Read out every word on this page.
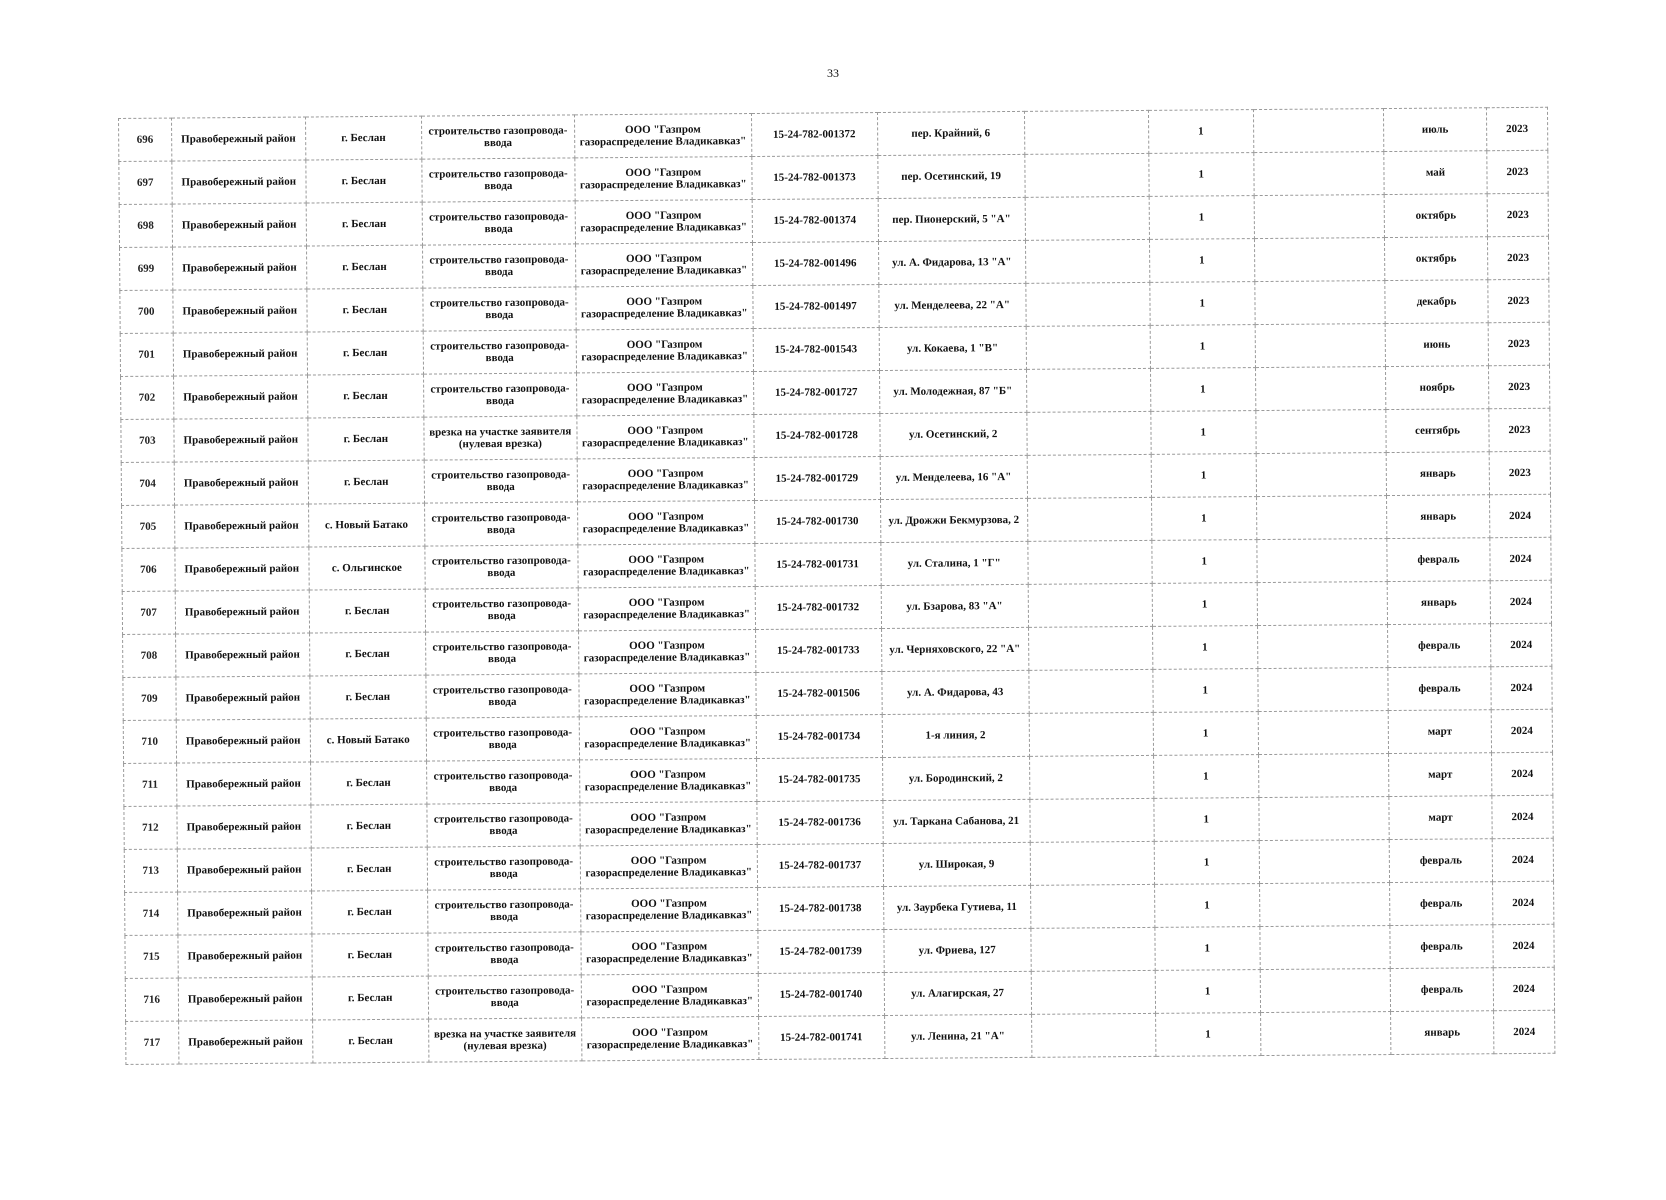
33
696	Правобережный район	г. Беслан	строительство газопровода-ввода	ООО "Газпром газораспределение Владикавказ"	15-24-782-001372	пер. Крайний, 6		1		июль	2023
697	Правобережный район	г. Беслан	строительство газопровода-ввода	ООО "Газпром газораспределение Владикавказ"	15-24-782-001373	пер. Осетинский, 19		1		май	2023
698	Правобережный район	г. Беслан	строительство газопровода-ввода	ООО "Газпром газораспределение Владикавказ"	15-24-782-001374	пер. Пионерский, 5 "А"		1		октябрь	2023
699	Правобережный район	г. Беслан	строительство газопровода-ввода	ООО "Газпром газораспределение Владикавказ"	15-24-782-001496	ул. А. Фидарова, 13 "А"		1		октябрь	2023
700	Правобережный район	г. Беслан	строительство газопровода-ввода	ООО "Газпром газораспределение Владикавказ"	15-24-782-001497	ул. Менделеева, 22 "А"		1		декабрь	2023
701	Правобережный район	г. Беслан	строительство газопровода-ввода	ООО "Газпром газораспределение Владикавказ"	15-24-782-001543	ул. Кокаева, 1 "В"		1		июнь	2023
702	Правобережный район	г. Беслан	строительство газопровода-ввода	ООО "Газпром газораспределение Владикавказ"	15-24-782-001727	ул. Молодежная, 87 "Б"		1		ноябрь	2023
703	Правобережный район	г. Беслан	врезка на участке заявителя (нулевая врезка)	ООО "Газпром газораспределение Владикавказ"	15-24-782-001728	ул. Осетинский, 2		1		сентябрь	2023
704	Правобережный район	г. Беслан	строительство газопровода-ввода	ООО "Газпром газораспределение Владикавказ"	15-24-782-001729	ул. Менделеева, 16 "А"		1		январь	2023
705	Правобережный район	с. Новый Батако	строительство газопровода-ввода	ООО "Газпром газораспределение Владикавказ"	15-24-782-001730	ул. Дрожжи Бекмурзова, 2		1		январь	2024
706	Правобережный район	с. Ольгинское	строительство газопровода-ввода	ООО "Газпром газораспределение Владикавказ"	15-24-782-001731	ул. Сталина, 1 "Г"		1		февраль	2024
707	Правобережный район	г. Беслан	строительство газопровода-ввода	ООО "Газпром газораспределение Владикавказ"	15-24-782-001732	ул. Бзарова, 83 "А"		1		январь	2024
708	Правобережный район	г. Беслан	строительство газопровода-ввода	ООО "Газпром газораспределение Владикавказ"	15-24-782-001733	ул. Черняховского, 22 "А"		1		февраль	2024
709	Правобережный район	г. Беслан	строительство газопровода-ввода	ООО "Газпром газораспределение Владикавказ"	15-24-782-001506	ул. А. Фидарова, 43		1		февраль	2024
710	Правобережный район	с. Новый Батако	строительство газопровода-ввода	ООО "Газпром газораспределение Владикавказ"	15-24-782-001734	1-я линия, 2		1		март	2024
711	Правобережный район	г. Беслан	строительство газопровода-ввода	ООО "Газпром газораспределение Владикавказ"	15-24-782-001735	ул. Бородинский, 2		1		март	2024
712	Правобережный район	г. Беслан	строительство газопровода-ввода	ООО "Газпром газораспределение Владикавказ"	15-24-782-001736	ул. Таркана Сабанова, 21		1		март	2024
713	Правобережный район	г. Беслан	строительство газопровода-ввода	ООО "Газпром газораспределение Владикавказ"	15-24-782-001737	ул. Широкая, 9		1		февраль	2024
714	Правобережный район	г. Беслан	строительство газопровода-ввода	ООО "Газпром газораспределение Владикавказ"	15-24-782-001738	ул. Заурбека Гутиева, 11		1		февраль	2024
715	Правобережный район	г. Беслан	строительство газопровода-ввода	ООО "Газпром газораспределение Владикавказ"	15-24-782-001739	ул. Фриева, 127		1		февраль	2024
716	Правобережный район	г. Беслан	строительство газопровода-ввода	ООО "Газпром газораспределение Владикавказ"	15-24-782-001740	ул. Алагирская, 27		1		февраль	2024
717	Правобережный район	г. Беслан	врезка на участке заявителя (нулевая врезка)	ООО "Газпром газораспределение Владикавказ"	15-24-782-001741	ул. Ленина, 21 "А"		1		январь	2024
